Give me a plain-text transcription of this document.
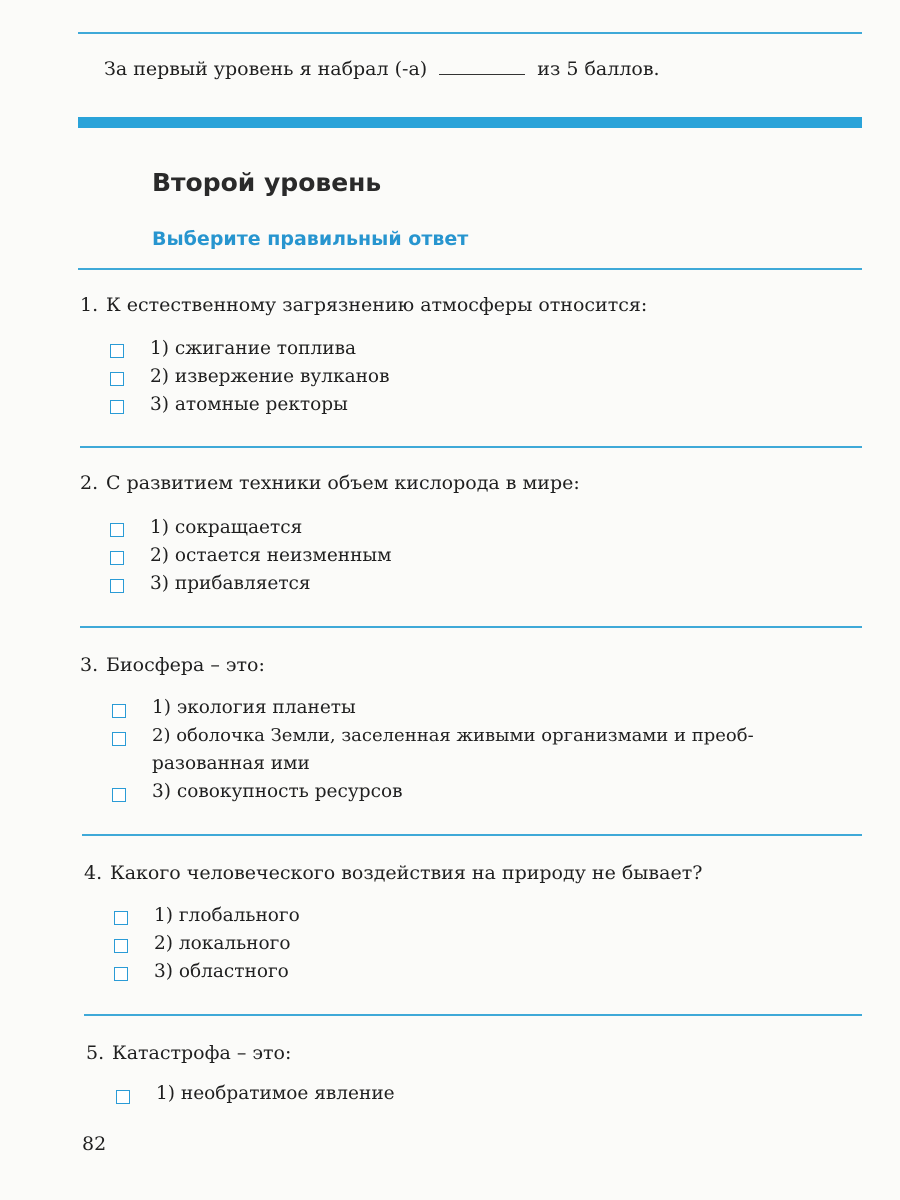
За первый уровень я набрал (-а)	из 5 баллов.
Второй уровень
Выберите правильный ответ
1. К естественному загрязнению атмосферы относится:
1) сжигание топлива
2) извержение вулканов
3) атомные ректоры
2. С развитием техники объем кислорода в мире:
1) сокращается
2) остается неизменным
3) прибавляется
3. Биосфера – это:
1) экология планеты
2) оболочка Земли, заселенная живыми организмами и преоб-
разованная ими
3) совокупность ресурсов
4. Какого человеческого воздействия на природу не бывает?
1) глобального
2) локального
3) областного
5. Катастрофа – это:
1) необратимое явление
82
